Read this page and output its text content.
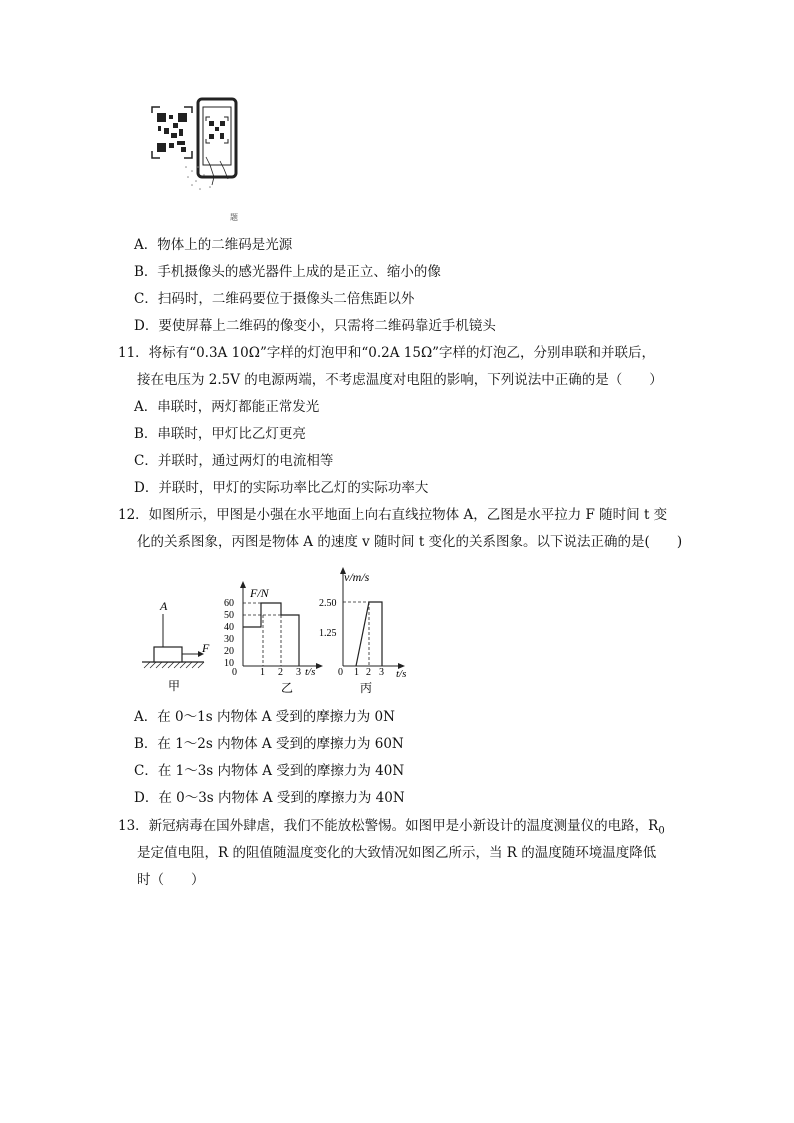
题
A．物体上的二维码是光源
B．手机摄像头的感光器件上成的是正立、缩小的像
C．扫码时，二维码要位于摄像头二倍焦距以外
D．要使屏幕上二维码的像变小，只需将二维码靠近手机镜头
11．将标有“0.3A 10Ω”字样的灯泡甲和“0.2A 15Ω”字样的灯泡乙，分别串联和并联后，
接在电压为 2.5V 的电源两端，不考虑温度对电阻的影响，下列说法中正确的是（　　）
A．串联时，两灯都能正常发光
B．串联时，甲灯比乙灯更亮
C．并联时，通过两灯的电流相等
D．并联时，甲灯的实际功率比乙灯的实际功率大
12．如图所示，甲图是小强在水平地面上向右直线拉物体 A，乙图是水平拉力 F 随时间 t 变
化的关系图象，丙图是物体 A 的速度 v 随时间 t 变化的关系图象。以下说法正确的是(　　)
A
F
甲
F/N
t/s
60
50
40
30
20
10
0 1 2 3
乙
v/m/s
t/s
2.50
1.25
0 1 2 3
丙
A．在 0～1s 内物体 A 受到的摩擦力为 0N
B．在 1～2s 内物体 A 受到的摩擦力为 60N
C．在 1～3s 内物体 A 受到的摩擦力为 40N
D．在 0～3s 内物体 A 受到的摩擦力为 40N
13．新冠病毒在国外肆虐，我们不能放松警惕。如图甲是小新设计的温度测量仪的电路，$R_0$
是定值电阻，R 的阻值随温度变化的大致情况如图乙所示，当 R 的温度随环境温度降低
时（　　）
